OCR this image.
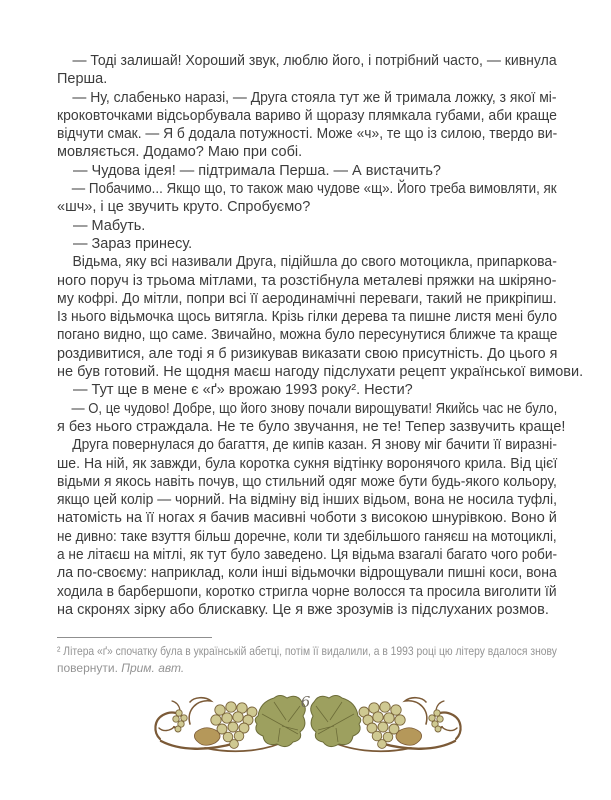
— Тоді залишай! Хороший звук, люблю його, і потрібний часто, — кивнула
Перша.
— Ну, слабенько наразі, — Друга стояла тут же й тримала ложку, з якої мі-
кроковточками відсьорбувала вариво й щоразу плямкала губами, аби краще
відчути смак. — Я б додала потужності. Може «ч», те що із силою, твердо ви-
мовляється. Додамо? Маю при собі.
— Чудова ідея! — підтримала Перша. — А вистачить?
— Побачимо... Якщо що, то також маю чудове «щ». Його треба вимовляти, як
«шч», і це звучить круто. Спробуємо?
— Мабуть.
— Зараз принесу.
Відьма, яку всі називали Друга, підійшла до свого мотоцикла, припаркова-
ного поруч із трьома мітлами, та розстібнула металеві пряжки на шкіряно-
му кофрі. До мітли, попри всі її аеродинамічні переваги, такий не прикріпиш.
Із нього відьмочка щось витягла. Крізь гілки дерева та пишне листя мені було
погано видно, що саме. Звичайно, можна було пересунутися ближче та краще
роздивитися, але тоді я б ризикував виказати свою присутність. До цього я
не був готовий. Не щодня маєш нагоду підслухати рецепт української вимови.
— Тут ще в мене є «ґ» врожаю 1993 року². Нести?
— О, це чудово! Добре, що його знову почали вирощувати! Якийсь час не було,
я без нього страждала. Не те було звучання, не те! Тепер зазвучить краще!
Друга повернулася до багаття, де кипів казан. Я знову міг бачити її виразні-
ше. На ній, як завжди, була коротка сукня відтінку воронячого крила. Від цієї
відьми я якось навіть почув, що стильний одяг може бути будь-якого кольору,
якщо цей колір — чорний. На відміну від інших відьом, вона не носила туфлі,
натомість на її ногах я бачив масивні чоботи з високою шнурівкою. Воно й
не дивно: таке взуття більш доречне, коли ти здебільшого ганяєш на мотоциклі,
а не літаєш на мітлі, як тут було заведено. Ця відьма взагалі багато чого роби-
ла по-своєму: наприклад, коли інші відьмочки відрощували пишні коси, вона
ходила в барбершопи, коротко стригла чорне волосся та просила виголити їй
на скронях зірку або блискавку. Це я вже зрозумів із підслуханих розмов.
² Літера «ґ» спочатку була в українській абетці, потім її видалили, а в 1993 році цю літеру вдалося знову
повернути. Прим. авт.
6
